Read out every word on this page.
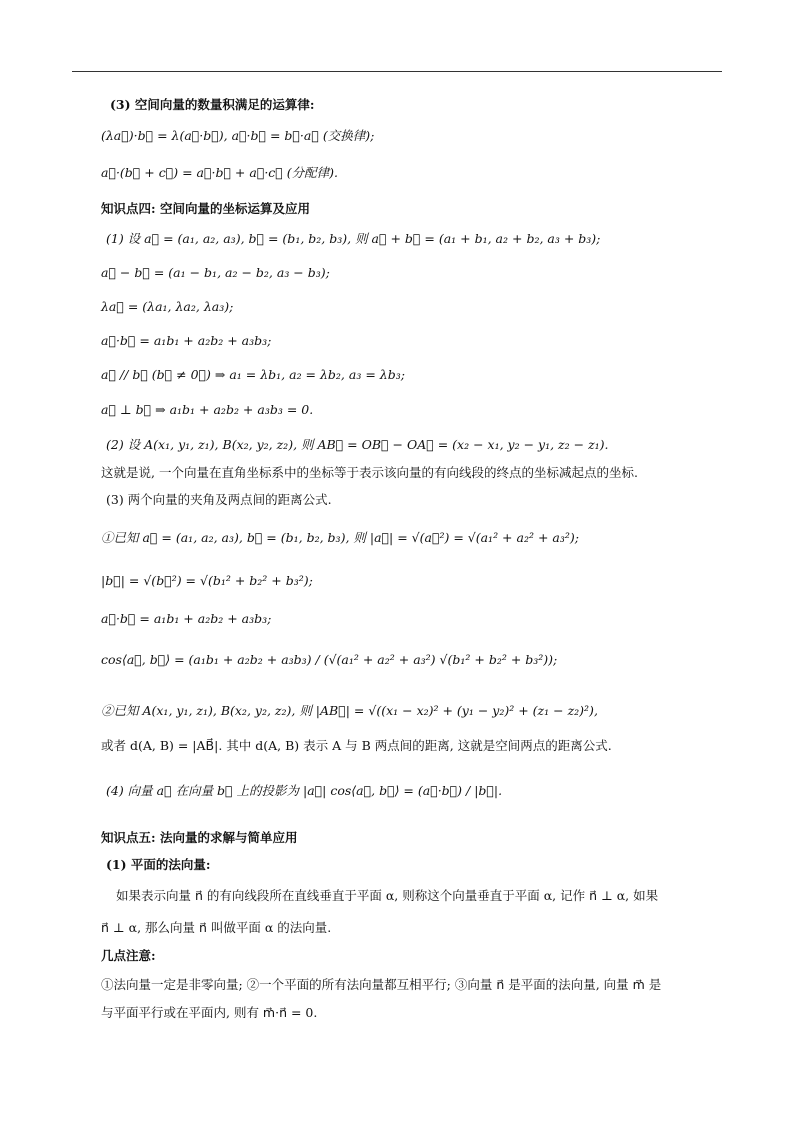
(3) 空间向量的数量积满足的运算律:
(λa⃗)·b⃗ = λ(a⃗·b⃗), a⃗·b⃗ = b⃗·a⃗ (交换律);
a⃗·(b⃗ + c⃗) = a⃗·b⃗ + a⃗·c⃗ (分配律).
知识点四: 空间向量的坐标运算及应用
(1) 设 a⃗ = (a₁, a₂, a₃), b⃗ = (b₁, b₂, b₃), 则 a⃗ + b⃗ = (a₁ + b₁, a₂ + b₂, a₃ + b₃);
a⃗ − b⃗ = (a₁ − b₁, a₂ − b₂, a₃ − b₃);
λa⃗ = (λa₁, λa₂, λa₃);
a⃗·b⃗ = a₁b₁ + a₂b₂ + a₃b₃;
a⃗ // b⃗ (b⃗ ≠ 0⃗) ⇒ a₁ = λb₁, a₂ = λb₂, a₃ = λb₃;
a⃗ ⊥ b⃗ ⇒ a₁b₁ + a₂b₂ + a₃b₃ = 0.
(2) 设 A(x₁, y₁, z₁), B(x₂, y₂, z₂), 则 AB⃗ = OB⃗ − OA⃗ = (x₂ − x₁, y₂ − y₁, z₂ − z₁).
这就是说, 一个向量在直角坐标系中的坐标等于表示该向量的有向线段的终点的坐标减起点的坐标.
(3) 两个向量的夹角及两点间的距离公式.
①已知 a⃗ = (a₁, a₂, a₃), b⃗ = (b₁, b₂, b₃), 则 |a⃗| = √(a⃗²) = √(a₁² + a₂² + a₃²);
|b⃗| = √(b⃗²) = √(b₁² + b₂² + b₃²);
a⃗·b⃗ = a₁b₁ + a₂b₂ + a₃b₃;
cos⟨a⃗, b⃗⟩ = (a₁b₁ + a₂b₂ + a₃b₃) / (√(a₁² + a₂² + a₃²) √(b₁² + b₂² + b₃²));
②已知 A(x₁, y₁, z₁), B(x₂, y₂, z₂), 则 |AB⃗| = √((x₁ − x₂)² + (y₁ − y₂)² + (z₁ − z₂)²),
或者 d(A, B) = |AB⃗|. 其中 d(A, B) 表示 A 与 B 两点间的距离, 这就是空间两点的距离公式.
(4) 向量 a⃗ 在向量 b⃗ 上的投影为 |a⃗| cos⟨a⃗, b⃗⟩ = (a⃗·b⃗) / |b⃗|.
知识点五: 法向量的求解与简单应用
(1) 平面的法向量:
如果表示向量 n⃗ 的有向线段所在直线垂直于平面 α, 则称这个向量垂直于平面 α, 记作 n⃗ ⊥ α, 如果
n⃗ ⊥ α, 那么向量 n⃗ 叫做平面 α 的法向量.
几点注意:
①法向量一定是非零向量; ②一个平面的所有法向量都互相平行; ③向量 n⃗ 是平面的法向量, 向量 m⃗ 是
与平面平行或在平面内, 则有 m⃗·n⃗ = 0.
